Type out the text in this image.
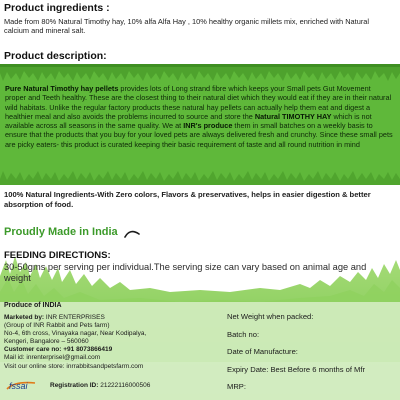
Product ingredients :
Made from 80% Natural Timothy hay, 10% alfa Alfa Hay , 10% healthy organic millets mix, enriched with Natural calcium and mineral salt.
Product description:
Pure Natural Timothy hay pellets provides lots of Long strand fibre which keeps your Small pets Gut Movement proper and Teeth healthy. These are the closest thing to their natural diet which they would eat if they are in their natural wild habitats. Unlike the regular factory products these natural hay pellets can actually help them eat and digest a healthier meal and also avoids the problems incurred to source and store the Natural TIMOTHY HAY which is not available across all seasons in the same quality. We at INR's produce them in small batches on a weekly basis to ensure that the products that you buy for your loved pets are always delivered fresh and crunchy. Since these small pets are picky eaters- this product is curated keeping their basic requirement of taste and all round nutrition in mind
100% Natural Ingredients-With Zero colors, Flavors & preservatives, helps in easier digestion & better absorption of food.
Proudly Made in India
FEEDING DIRECTIONS:
30-50gms per serving per individual.The serving size can vary based on animal age and weight
Produce of INDIA
Marketed by: INR ENTERPRISES
(Group of INR Rabbit and Pets farm)
No-4, 6th cross, Vinayaka nagar, Near Kodipalya,
Kengeri, Bangalore – 560060
Customer care no: +91 8073866419
Mail id: inrenterprisel@gmail.com
Visit our online store: inrrabbitsandpetsfarm.com
Net Weight when packed:
Batch no:
Date of Manufacture:
Expiry Date: Best Before 6 months of Mfr
MRP:
fssai	Registration ID: 21222116000506
